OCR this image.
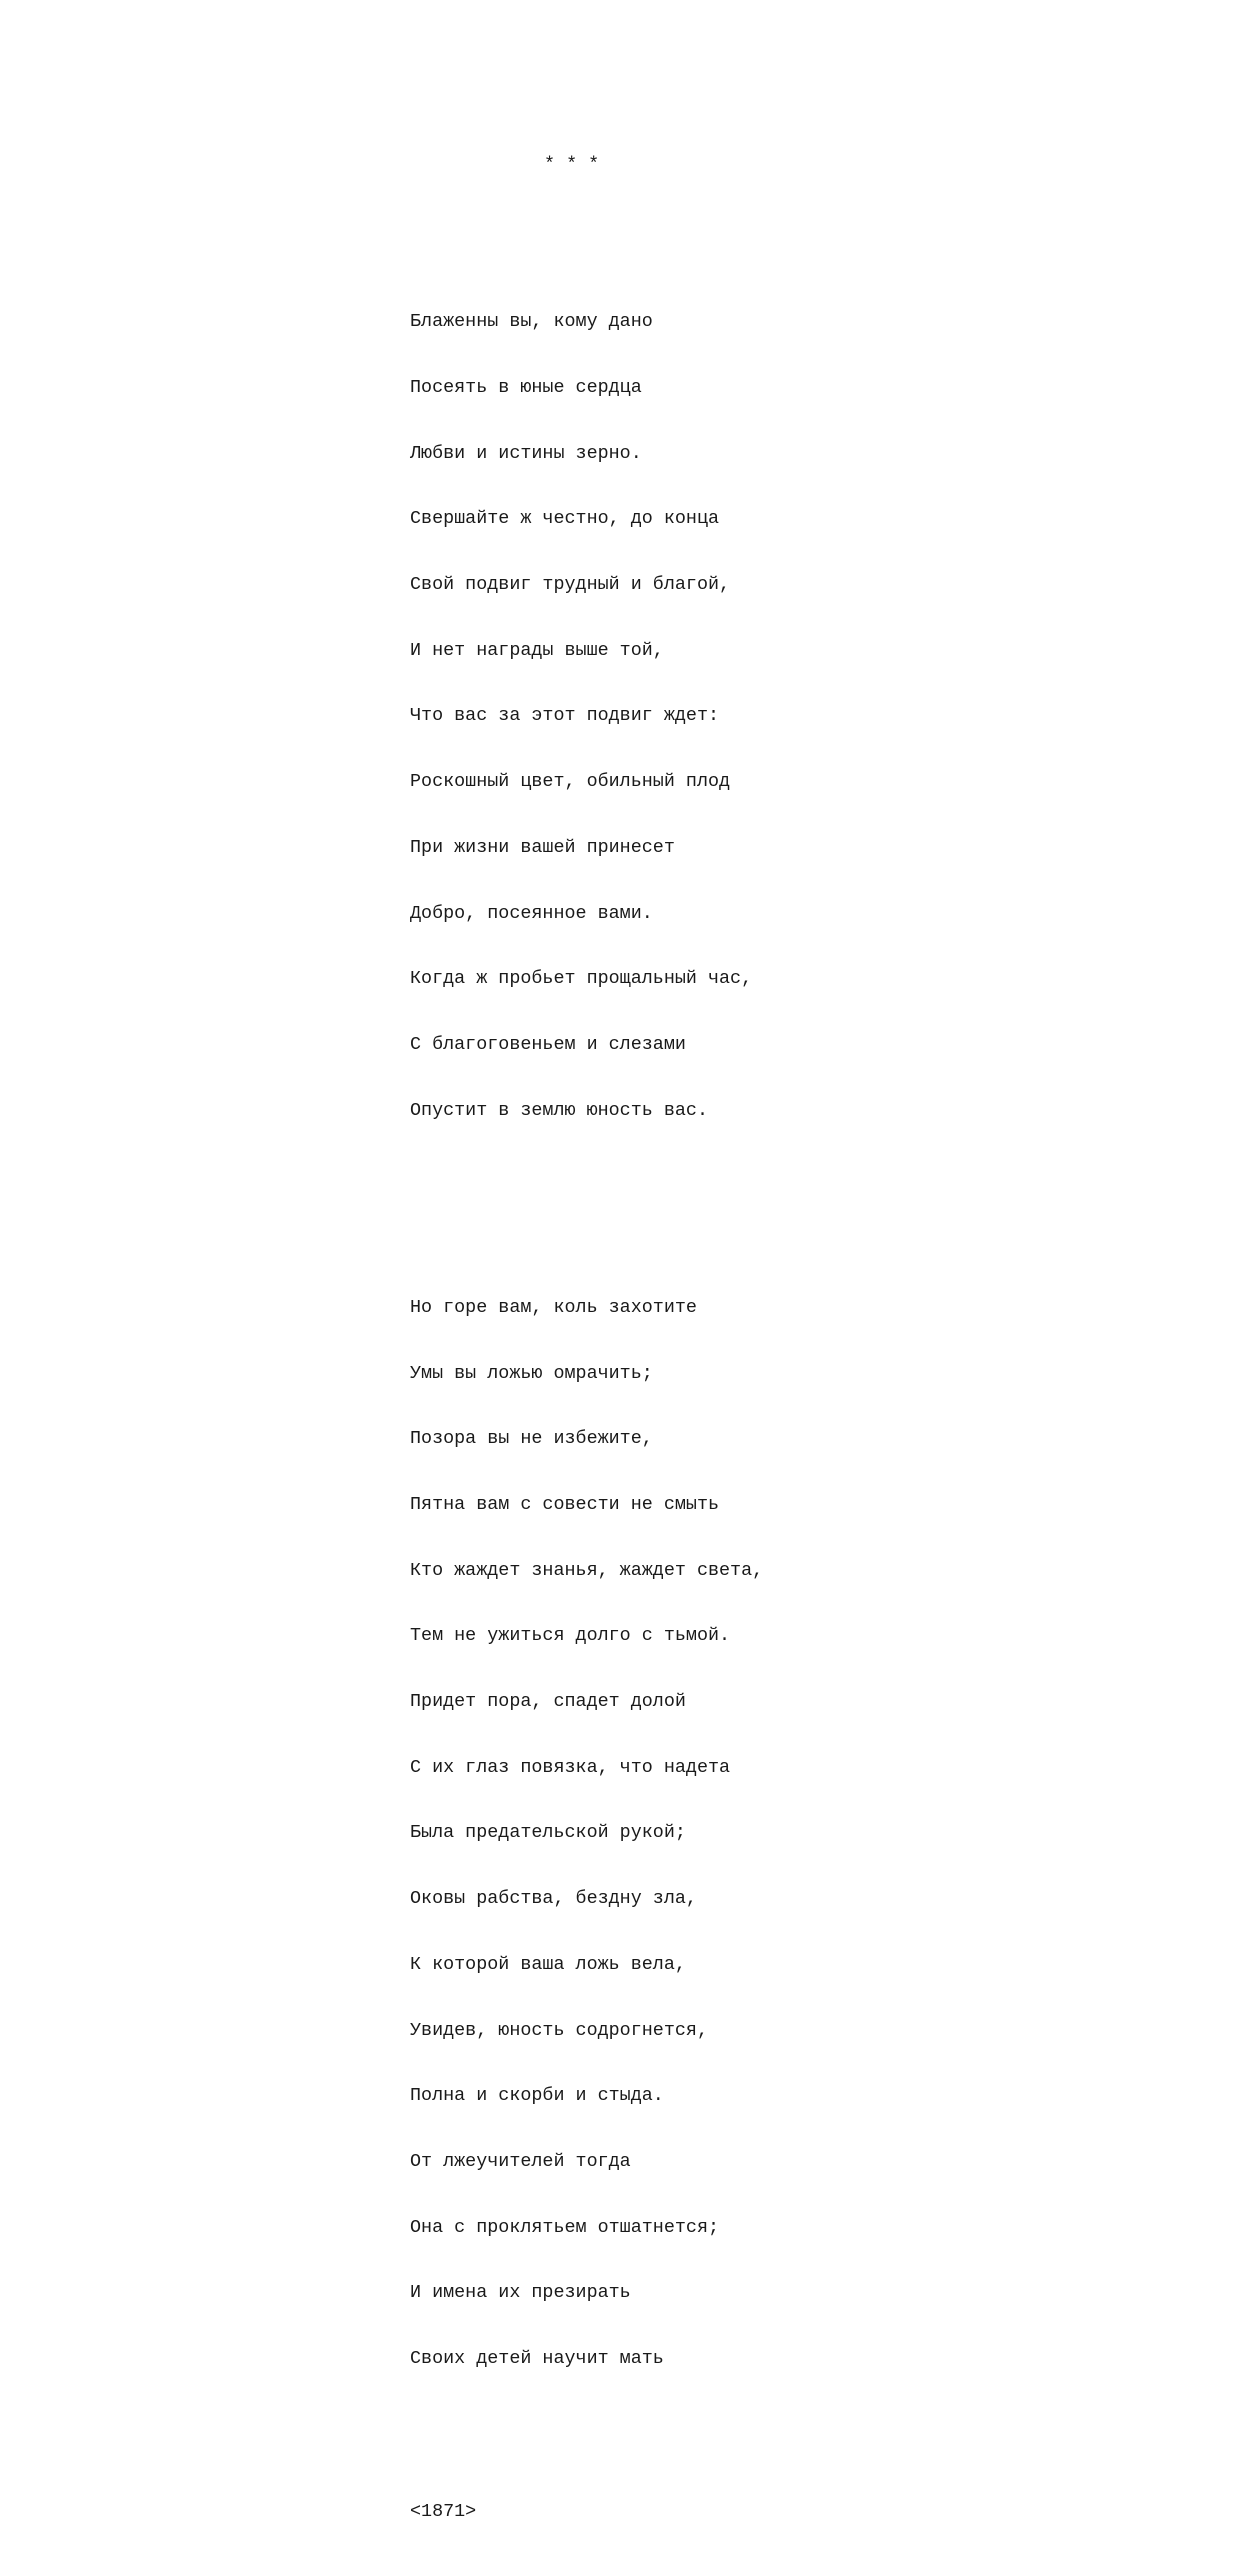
* * *

Блаженны вы, кому дано

Посеять в юные сердца

Любви и истины зерно.

Свершайте ж честно, до конца

Свой подвиг трудный и благой,

И нет награды выше той,

Что вас за этот подвиг ждет:

Роскошный цвет, обильный плод

При жизни вашей принесет

Добро, посеянное вами.

Когда ж пробьет прощальный час,

С благоговеньем и слезами

Опустит в землю юность вас.

Но горе вам, коль захотите

Умы вы ложью омрачить;

Позора вы не избежите,

Пятна вам с совести не смыть

Кто жаждет знанья, жаждет света,

Тем не ужиться долго с тьмой.

Придет пора, спадет долой

С их глаз повязка, что надета

Была предательской рукой;

Оковы рабства, бездну зла,

К которой ваша ложь вела,

Увидев, юность содрогнется,

Полна и скорби и стыда.

От лжеучителей тогда

Она с проклятьем отшатнется;

И имена их презирать

Своих детей научит мать

<1871>
